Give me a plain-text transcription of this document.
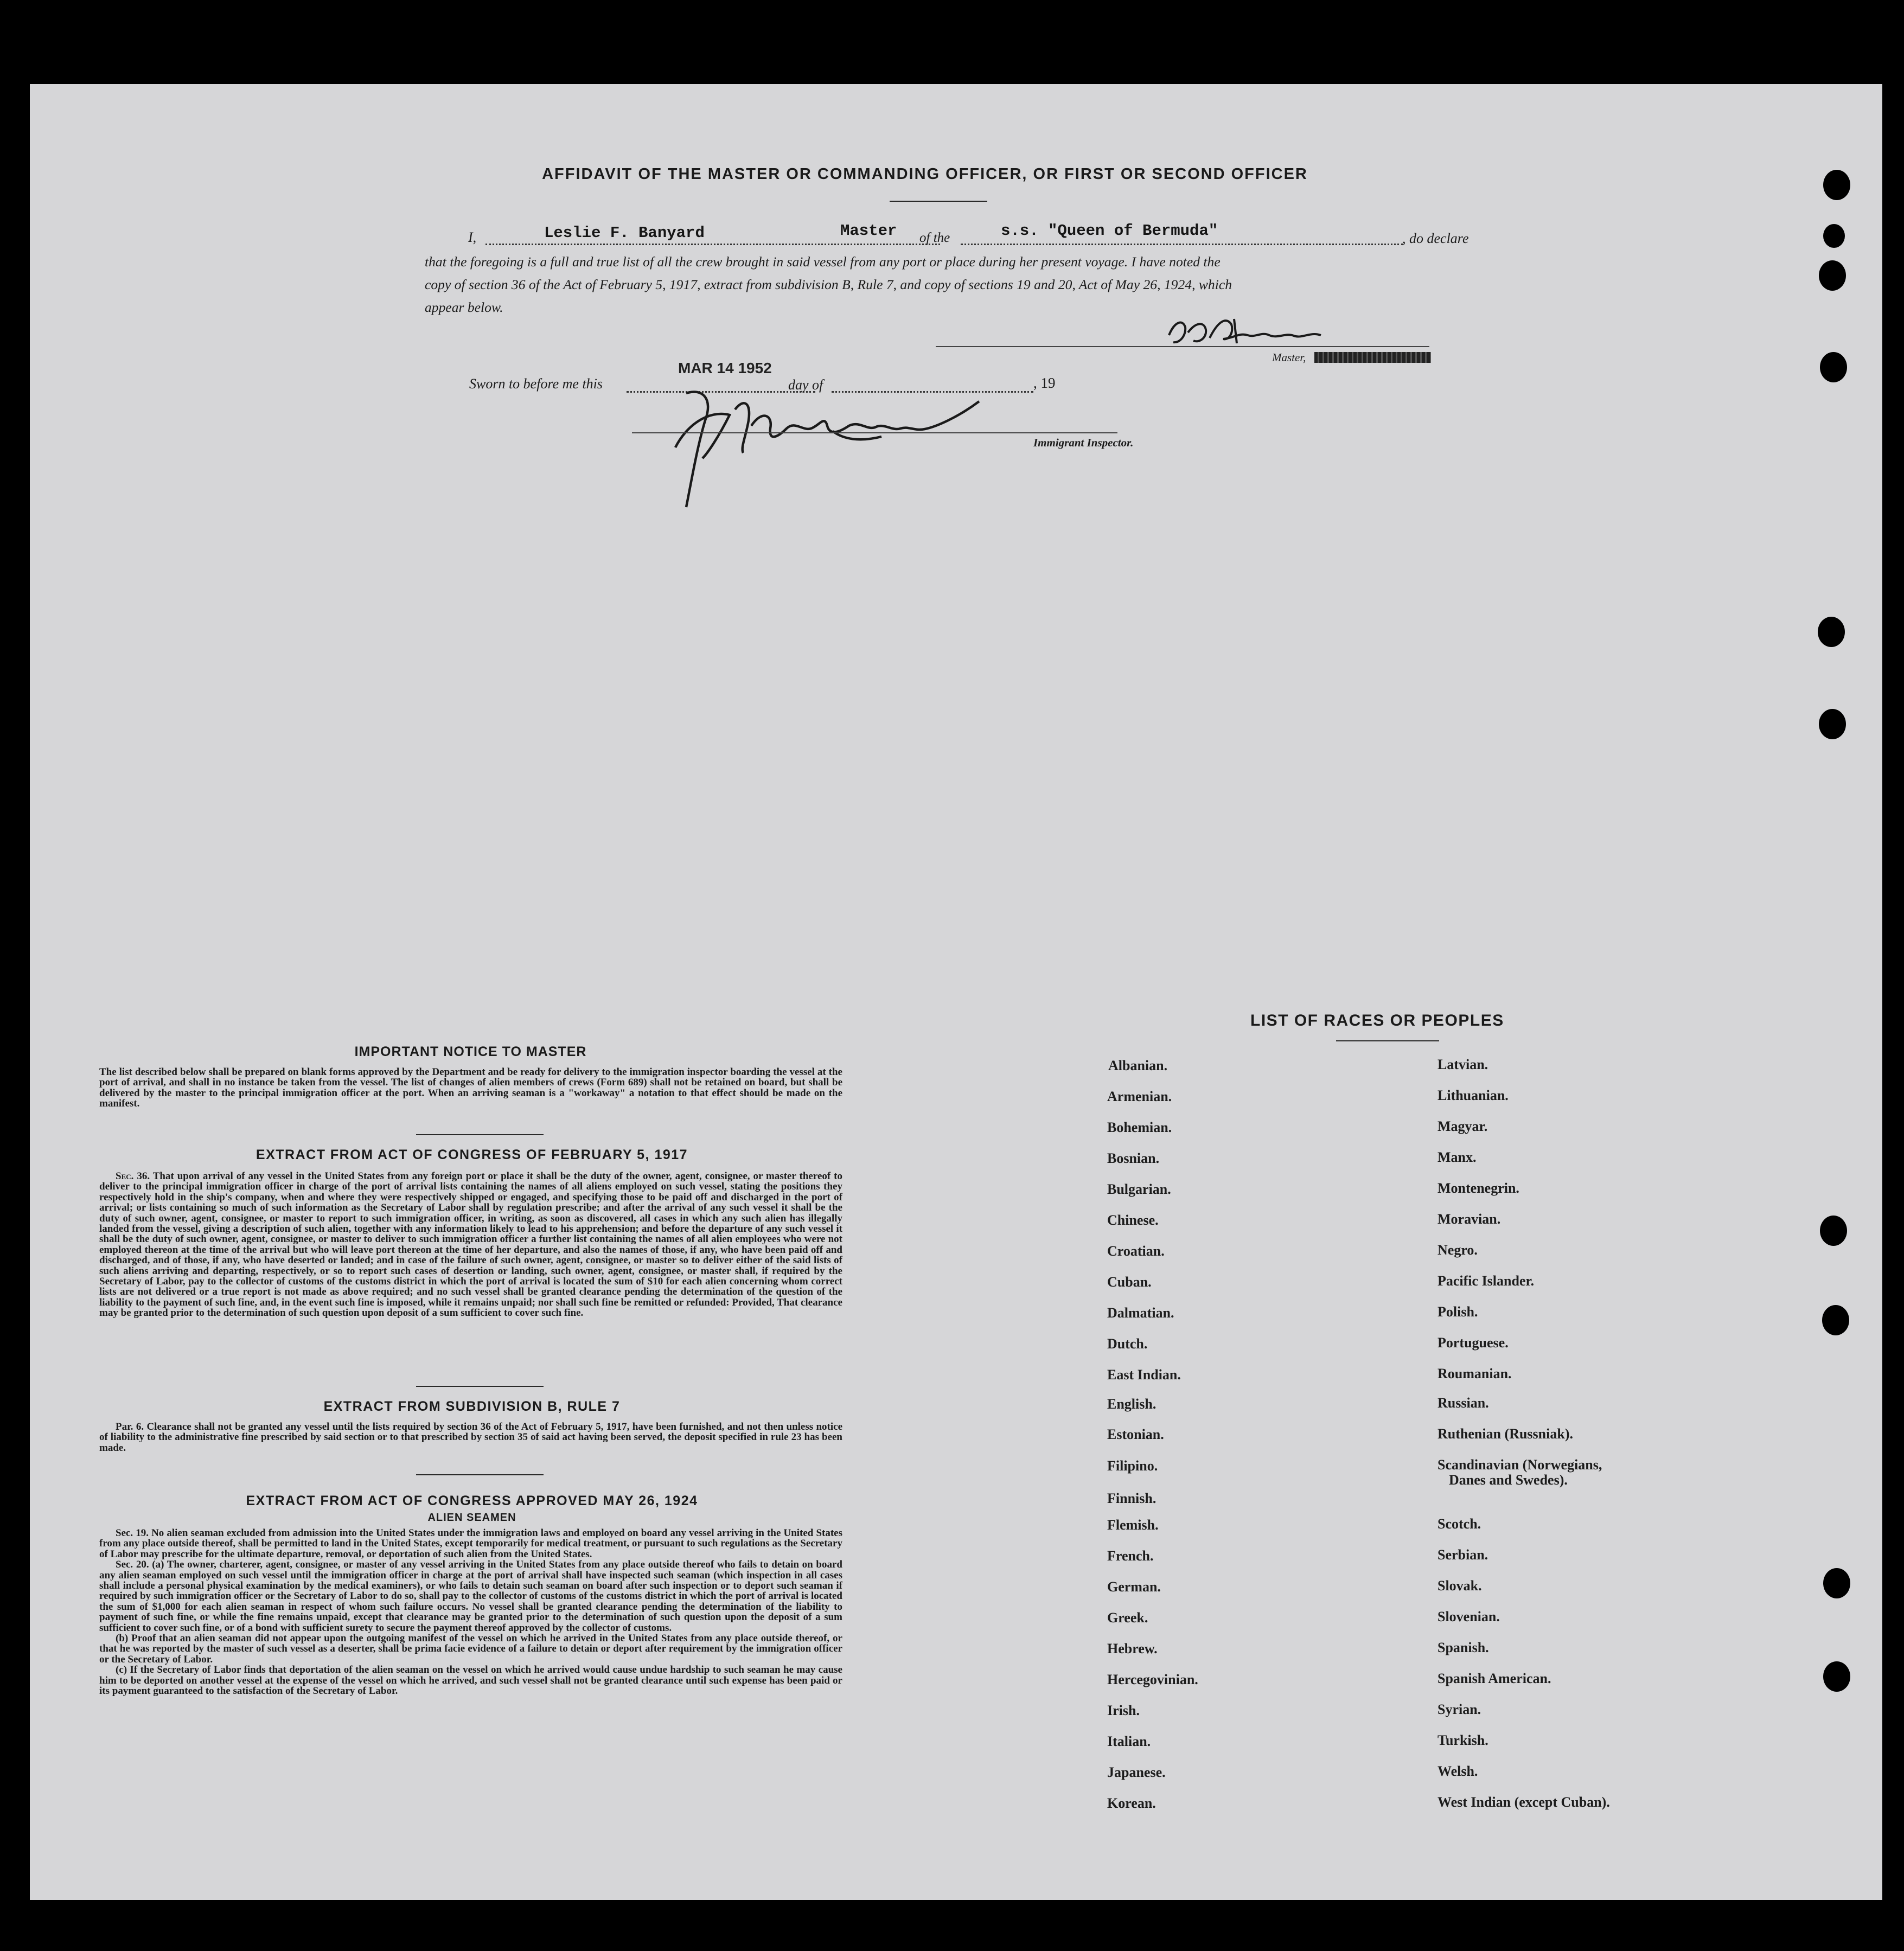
AFFIDAVIT OF THE MASTER OR COMMANDING OFFICER, OR FIRST OR SECOND OFFICER
I,	Leslie F. Banyard	Master of the	s.s. "Queen of Bermuda"	, do declare
that the foregoing is a full and true list of all the crew brought in said vessel from any port or place during her present voyage. I have noted the
copy of section 36 of the Act of February 5, 1917, extract from subdivision B, Rule 7, and copy of sections 19 and 20, Act of May 26, 1924, which
appear below.
Master,
Sworn to before me this
MAR 14 1952
day of	, 19
Immigrant Inspector.
IMPORTANT NOTICE TO MASTER
The list described below shall be prepared on blank forms approved by the Department and be ready for delivery to the immigration inspector boarding the vessel at the port of arrival, and shall in no instance be taken from the vessel. The list of changes of alien members of crews (Form 689) shall not be retained on board, but shall be delivered by the master to the principal immigration officer at the port. When an arriving seaman is a "workaway" a notation to that effect should be made on the manifest.
EXTRACT FROM ACT OF CONGRESS OF FEBRUARY 5, 1917
Sec. 36. That upon arrival of any vessel in the United States from any foreign port or place it shall be the duty of the owner, agent, consignee, or master thereof to deliver to the principal immigration officer in charge of the port of arrival lists containing the names of all aliens employed on such vessel, stating the positions they respectively hold in the ship's company, when and where they were respectively shipped or engaged, and specifying those to be paid off and discharged in the port of arrival; or lists containing so much of such information as the Secretary of Labor shall by regulation prescribe; and after the arrival of any such vessel it shall be the duty of such owner, agent, consignee, or master to report to such immigration officer, in writing, as soon as discovered, all cases in which any such alien has illegally landed from the vessel, giving a description of such alien, together with any information likely to lead to his apprehension; and before the departure of any such vessel it shall be the duty of such owner, agent, consignee, or master to deliver to such immigration officer a further list containing the names of all alien employees who were not employed thereon at the time of the arrival but who will leave port thereon at the time of her departure, and also the names of those, if any, who have been paid off and discharged, and of those, if any, who have deserted or landed; and in case of the failure of such owner, agent, consignee, or master so to deliver either of the said lists of such aliens arriving and departing, respectively, or so to report such cases of desertion or landing, such owner, agent, consignee, or master shall, if required by the Secretary of Labor, pay to the collector of customs of the customs district in which the port of arrival is located the sum of $10 for each alien concerning whom correct lists are not delivered or a true report is not made as above required; and no such vessel shall be granted clearance pending the determination of the question of the liability to the payment of such fine, and, in the event such fine is imposed, while it remains unpaid; nor shall such fine be remitted or refunded: Provided, That clearance may be granted prior to the determination of such question upon deposit of a sum sufficient to cover such fine.
EXTRACT FROM SUBDIVISION B, RULE 7
Par. 6. Clearance shall not be granted any vessel until the lists required by section 36 of the Act of February 5, 1917, have been furnished, and not then unless notice of liability to the administrative fine prescribed by said section or to that prescribed by section 35 of said act having been served, the deposit specified in rule 23 has been made.
EXTRACT FROM ACT OF CONGRESS APPROVED MAY 26, 1924
ALIEN SEAMEN
Sec. 19. No alien seaman excluded from admission into the United States under the immigration laws and employed on board any vessel arriving in the United States from any place outside thereof, shall be permitted to land in the United States, except temporarily for medical treatment, or pursuant to such regulations as the Secretary of Labor may prescribe for the ultimate departure, removal, or deportation of such alien from the United States.
Sec. 20. (a) The owner, charterer, agent, consignee, or master of any vessel arriving in the United States from any place outside thereof who fails to detain on board any alien seaman employed on such vessel until the immigration officer in charge at the port of arrival shall have inspected such seaman (which inspection in all cases shall include a personal physical examination by the medical examiners), or who fails to detain such seaman on board after such inspection or to deport such seaman if required by such immigration officer or the Secretary of Labor to do so, shall pay to the collector of customs of the customs district in which the port of arrival is located the sum of $1,000 for each alien seaman in respect of whom such failure occurs. No vessel shall be granted clearance pending the determination of the liability to payment of such fine, or while the fine remains unpaid, except that clearance may be granted prior to the determination of such question upon the deposit of a sum sufficient to cover such fine, or of a bond with sufficient surety to secure the payment thereof approved by the collector of customs.
(b) Proof that an alien seaman did not appear upon the outgoing manifest of the vessel on which he arrived in the United States from any place outside thereof, or that he was reported by the master of such vessel as a deserter, shall be prima facie evidence of a failure to detain or deport after requirement by the immigration officer or the Secretary of Labor.
(c) If the Secretary of Labor finds that deportation of the alien seaman on the vessel on which he arrived would cause undue hardship to such seaman he may cause him to be deported on another vessel at the expense of the vessel on which he arrived, and such vessel shall not be granted clearance until such expense has been paid or its payment guaranteed to the satisfaction of the Secretary of Labor.
LIST OF RACES OR PEOPLES
Albanian.
Armenian.
Bohemian.
Bosnian.
Bulgarian.
Chinese.
Croatian.
Cuban.
Dalmatian.
Dutch.
East Indian.
English.
Estonian.
Filipino.
Finnish.
Flemish.
French.
German.
Greek.
Hebrew.
Hercegovinian.
Irish.
Italian.
Japanese.
Korean.
Latvian.
Lithuanian.
Magyar.
Manx.
Montenegrin.
Moravian.
Negro.
Pacific Islander.
Polish.
Portuguese.
Roumanian.
Russian.
Ruthenian (Russniak).
Scandinavian (Norwegians,
Danes and Swedes).
Scotch.
Serbian.
Slovak.
Slovenian.
Spanish.
Spanish American.
Syrian.
Turkish.
Welsh.
West Indian (except Cuban).
